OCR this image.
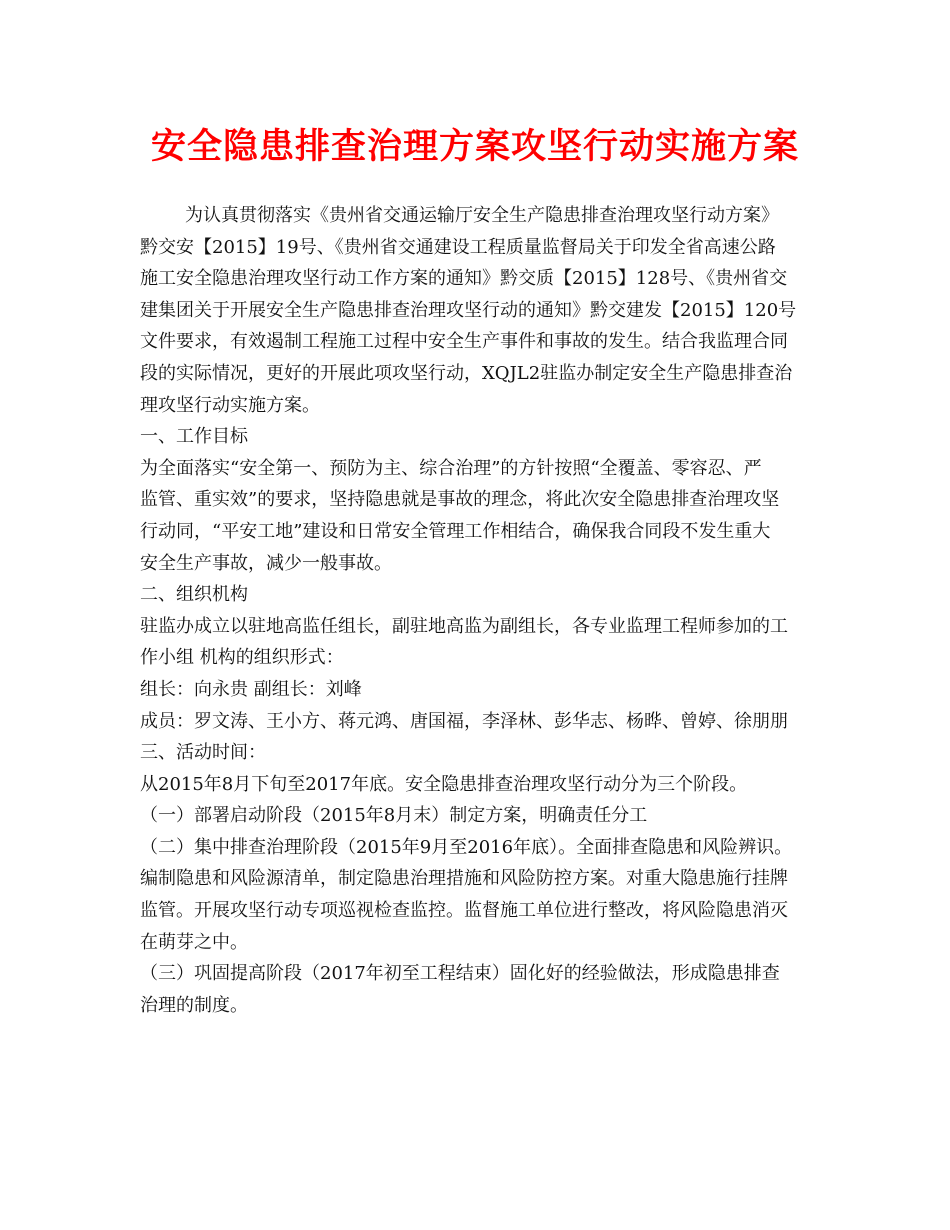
安全隐患排查治理方案攻坚行动实施方案
为认真贯彻落实《贵州省交通运输厅安全生产隐患排查治理攻坚行动方案》
黔交安【2015】19号、《贵州省交通建设工程质量监督局关于印发全省高速公路
施工安全隐患治理攻坚行动工作方案的通知》黔交质【2015】128号、《贵州省交
建集团关于开展安全生产隐患排查治理攻坚行动的通知》黔交建发【2015】120号
文件要求，有效遏制工程施工过程中安全生产事件和事故的发生。结合我监理合同
段的实际情况，更好的开展此项攻坚行动，XQJL2驻监办制定安全生产隐患排查治
理攻坚行动实施方案。
一、工作目标
为全面落实“安全第一、预防为主、综合治理”的方针按照“全覆盖、零容忍、严
监管、重实效”的要求，坚持隐患就是事故的理念，将此次安全隐患排查治理攻坚
行动同，“平安工地”建设和日常安全管理工作相结合，确保我合同段不发生重大
安全生产事故，减少一般事故。
二、组织机构
驻监办成立以驻地高监任组长，副驻地高监为副组长，各专业监理工程师参加的工
作小组 机构的组织形式：
组长：向永贵 副组长：刘峰
成员：罗文涛、王小方、蒋元鸿、唐国福，李泽林、彭华志、杨晔、曾婷、徐朋朋
三、活动时间：
从2015年8月下旬至2017年底。安全隐患排查治理攻坚行动分为三个阶段。
（一）部署启动阶段（2015年8月末）制定方案，明确责任分工
（二）集中排查治理阶段（2015年9月至2016年底）。全面排查隐患和风险辨识。
编制隐患和风险源清单，制定隐患治理措施和风险防控方案。对重大隐患施行挂牌
监管。开展攻坚行动专项巡视检查监控。监督施工单位进行整改，将风险隐患消灭
在萌芽之中。
（三）巩固提高阶段（2017年初至工程结束）固化好的经验做法，形成隐患排查
治理的制度。
